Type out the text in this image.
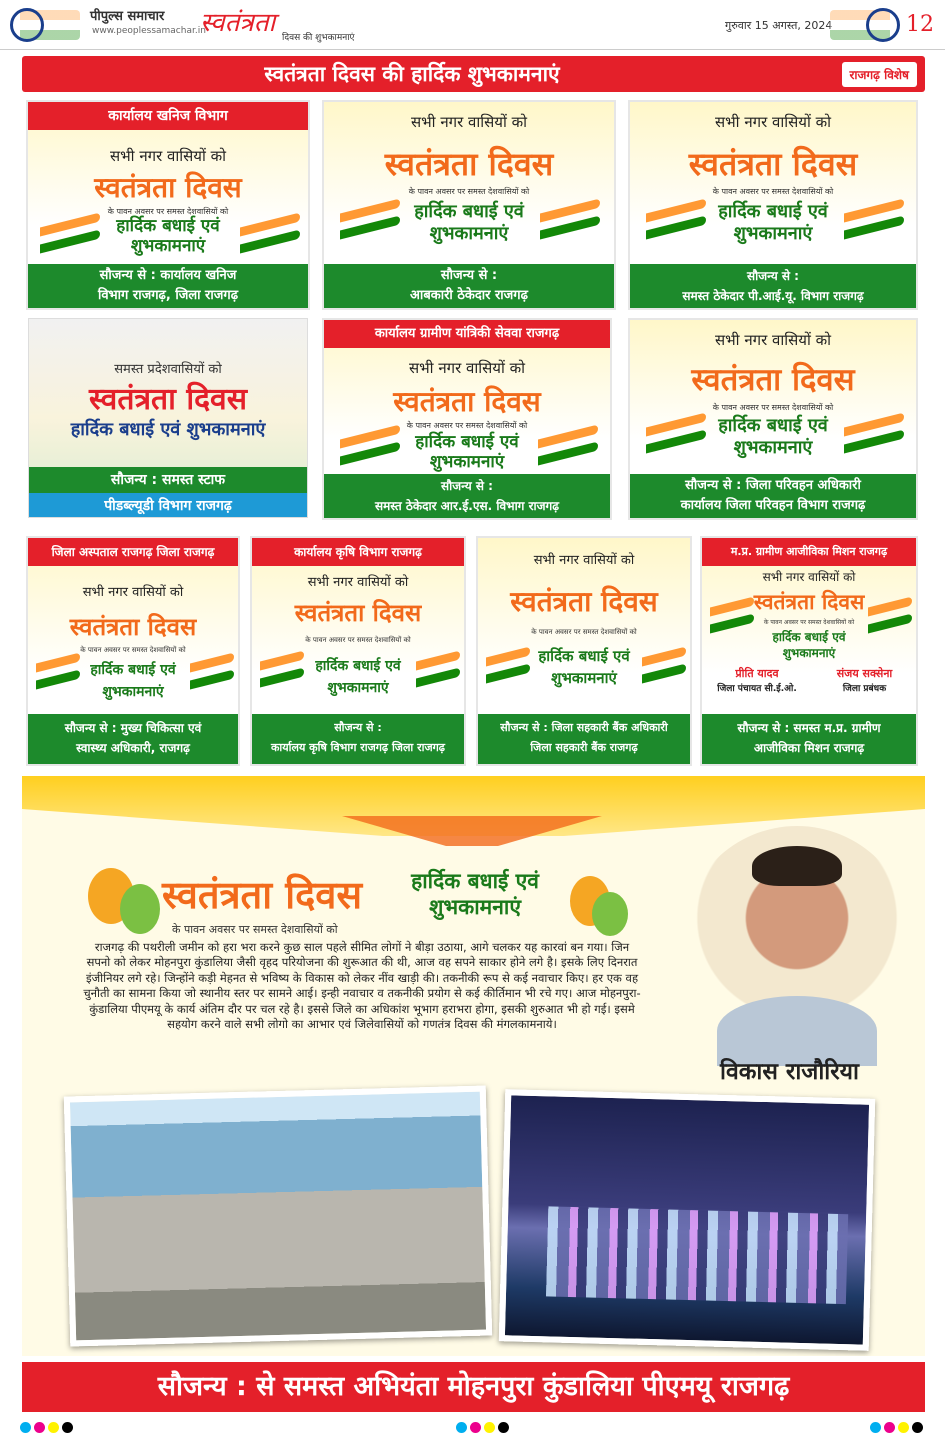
पीपुल्स समाचार
www.peoplessamachar.in
स्वतंत्रता दिवस की शुभकामनाएं
गुरुवार 15 अगस्त, 2024	12
स्वतंत्रता दिवस की हार्दिक शुभकामनाएं	राजगढ़ विशेष
कार्यालय खनिज विभाग
सभी नगर वासियों को
स्वतंत्रता दिवस
के पावन अवसर पर समस्त देशवासियों को
हार्दिक बधाई एवं
शुभकामनाएं
सौजन्य से : कार्यालय खनिज
विभाग राजगढ़, जिला राजगढ़
सभी नगर वासियों को
स्वतंत्रता दिवस
के पावन अवसर पर समस्त देशवासियों को
हार्दिक बधाई एवं
शुभकामनाएं
सौजन्य से :
आबकारी ठेकेदार राजगढ़
सभी नगर वासियों को
स्वतंत्रता दिवस
के पावन अवसर पर समस्त देशवासियों को
हार्दिक बधाई एवं
शुभकामनाएं
सौजन्य से :
समस्त ठेकेदार पी.आई.यू. विभाग राजगढ़
समस्त प्रदेशवासियों को
स्वतंत्रता दिवस
हार्दिक बधाई एवं शुभकामनाएं
सौजन्य : समस्त स्टाफ
पीडब्ल्यूडी विभाग राजगढ़
कार्यालय ग्रामीण यांत्रिकी सेववा राजगढ़
सभी नगर वासियों को
स्वतंत्रता दिवस
के पावन अवसर पर समस्त देशवासियों को
हार्दिक बधाई एवं
शुभकामनाएं
सौजन्य से :
समस्त ठेकेदार आर.ई.एस. विभाग राजगढ़
सभी नगर वासियों को
स्वतंत्रता दिवस
के पावन अवसर पर समस्त देशवासियों को
हार्दिक बधाई एवं
शुभकामनाएं
सौजन्य से : जिला परिवहन अधिकारी
कार्यालय जिला परिवहन विभाग राजगढ़
जिला अस्पताल राजगढ़ जिला राजगढ़
सभी नगर वासियों को
स्वतंत्रता दिवस
के पावन अवसर पर समस्त देशवासियों को
हार्दिक बधाई एवं
शुभकामनाएं
सौजन्य से : मुख्य चिकित्सा एवं
स्वास्थ्य अधिकारी, राजगढ़
कार्यालय कृषि विभाग राजगढ़
सभी नगर वासियों को
स्वतंत्रता दिवस
के पावन अवसर पर समस्त देशवासियों को
हार्दिक बधाई एवं
शुभकामनाएं
सौजन्य से :
कार्यालय कृषि विभाग राजगढ़ जिला राजगढ़
सभी नगर वासियों को
स्वतंत्रता दिवस
के पावन अवसर पर समस्त देशवासियों को
हार्दिक बधाई एवं
शुभकामनाएं
सौजन्य से : जिला सहकारी बैंक अधिकारी
जिला सहकारी बैंक राजगढ़
म.प्र. ग्रामीण आजीविका मिशन राजगढ़
सभी नगर वासियों को
स्वतंत्रता दिवस
के पावन अवसर पर समस्त देशवासियों को
हार्दिक बधाई एवं
शुभकामनाएं
प्रीति यादव
जिला पंचायत सी.ई.ओ.
संजय सक्सेना
जिला प्रबंधक
सौजन्य से : समस्त म.प्र. ग्रामीण
आजीविका मिशन राजगढ़
स्वतंत्रता दिवस	हार्दिक बधाई एवं
शुभकामनाएं
के पावन अवसर पर समस्त देशवासियों को
राजगढ़ की पथरीली जमीन को हरा भरा करने कुछ साल पहले सीमित लोगों ने बीड़ा उठाया, आगे चलकर यह कारवां बन गया। जिन सपनो को लेकर मोहनपुरा कुंडालिया जैसी वृहद परियोजना की शुरूआत की थी, आज वह सपने साकार होने लगे है। इसके लिए दिनरात इंजीनियर लगे रहे। जिन्होंने कड़ी मेहनत से भविष्य के विकास को लेकर नींव खाड़ी की। तकनीकी रूप से कई नवाचार किए। हर एक वह चुनौती का सामना किया जो स्थानीय स्तर पर सामने आई। इन्ही नवाचार व तकनीकी प्रयोग से कई कीर्तिमान भी रचे गए। आज मोहनपुरा-कुंडालिया पीएमयू के कार्य अंतिम दौर पर चल रहे है। इससे जिले का अधिकांश भूभाग हराभरा होगा, इसकी शुरुआत भी हो गई। इसमे सहयोग करने वाले सभी लोगो का आभार एवं जिलेवासियों को गणतंत्र दिवस की मंगलकामनाये।
विकास राजौरिया
सौजन्य : से समस्त अभियंता मोहनपुरा कुंडालिया पीएमयू राजगढ़
